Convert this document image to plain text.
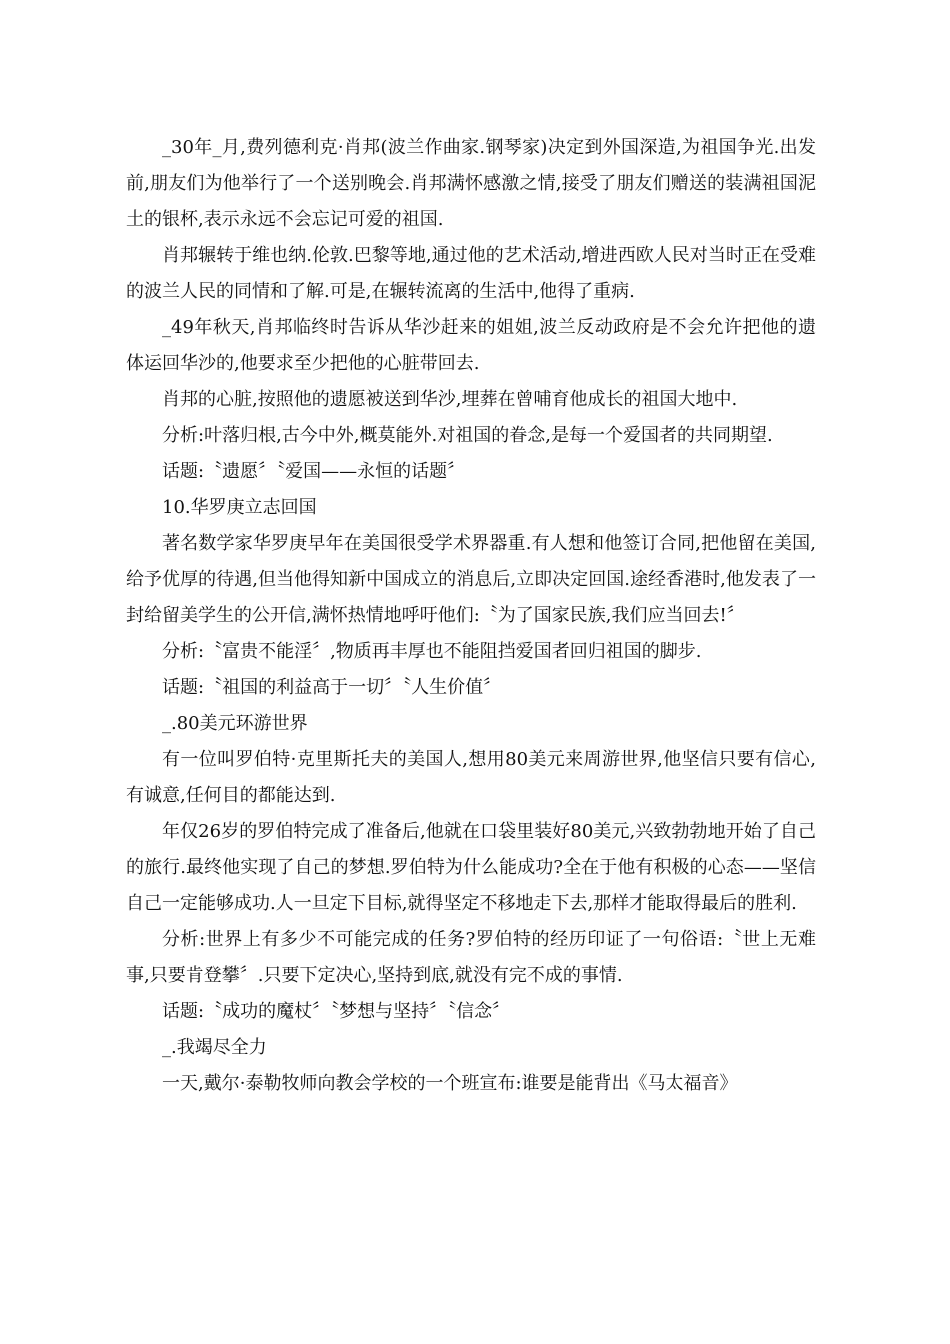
_30年_月,费列德利克·肖邦(波兰作曲家.钢琴家)决定到外国深造,为祖国争光.出发前,朋友们为他举行了一个送别晚会.肖邦满怀感激之情,接受了朋友们赠送的装满祖国泥土的银杯,表示永远不会忘记可爱的祖国.

肖邦辗转于维也纳.伦敦.巴黎等地,通过他的艺术活动,增进西欧人民对当时正在受难的波兰人民的同情和了解.可是,在辗转流离的生活中,他得了重病.

_49年秋天,肖邦临终时告诉从华沙赶来的姐姐,波兰反动政府是不会允许把他的遗体运回华沙的,他要求至少把他的心脏带回去.

肖邦的心脏,按照他的遗愿被送到华沙,埋葬在曾哺育他成长的祖国大地中.

分析:叶落归根,古今中外,概莫能外.对祖国的眷念,是每一个爱国者的共同期望.

话题:〝遗愿〞〝爱国——永恒的话题〞

10.华罗庚立志回国

著名数学家华罗庚早年在美国很受学术界器重.有人想和他签订合同,把他留在美国,给予优厚的待遇,但当他得知新中国成立的消息后,立即决定回国.途经香港时,他发表了一封给留美学生的公开信,满怀热情地呼吁他们:〝为了国家民族,我们应当回去!〞

分析:〝富贵不能淫〞,物质再丰厚也不能阻挡爱国者回归祖国的脚步.

话题:〝祖国的利益高于一切〞〝人生价值〞

_.80美元环游世界

有一位叫罗伯特·克里斯托夫的美国人,想用80美元来周游世界,他坚信只要有信心,有诚意,任何目的都能达到.

年仅26岁的罗伯特完成了准备后,他就在口袋里装好80美元,兴致勃勃地开始了自己的旅行.最终他实现了自己的梦想.罗伯特为什么能成功?全在于他有积极的心态——坚信自己一定能够成功.人一旦定下目标,就得坚定不移地走下去,那样才能取得最后的胜利.

分析:世界上有多少不可能完成的任务?罗伯特的经历印证了一句俗语:〝世上无难事,只要肯登攀〞.只要下定决心,坚持到底,就没有完不成的事情.

话题:〝成功的魔杖〞〝梦想与坚持〞〝信念〞

_.我竭尽全力

一天,戴尔·泰勒牧师向教会学校的一个班宣布:谁要是能背出《马太福音》
